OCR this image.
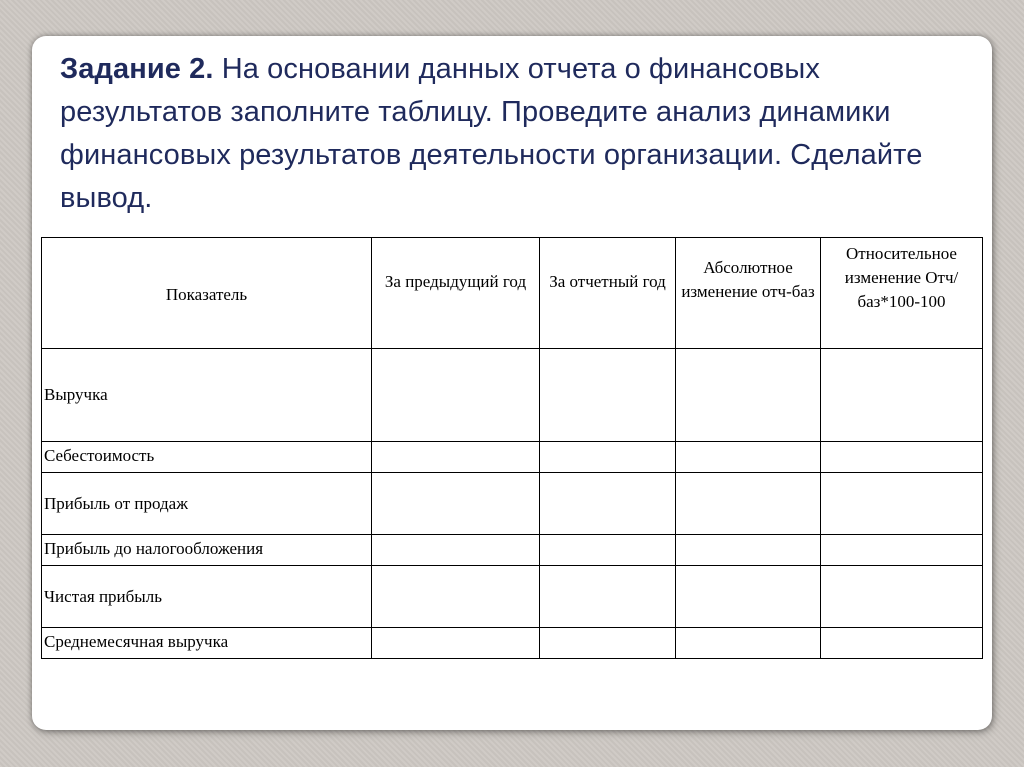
Задание 2. На основании данных отчета о финансовых результатов заполните таблицу. Проведите анализ динамики финансовых результатов деятельности организации. Сделайте вывод.
Показатель	За предыдущий год	За отчетный год	Абсолютное изменение отч-баз	Относительное изменение Отч/баз*100-100
Выручка				
Себестоимость				
Прибыль от продаж				
Прибыль до налогообложения				
Чистая прибыль				
Среднемесячная выручка				
